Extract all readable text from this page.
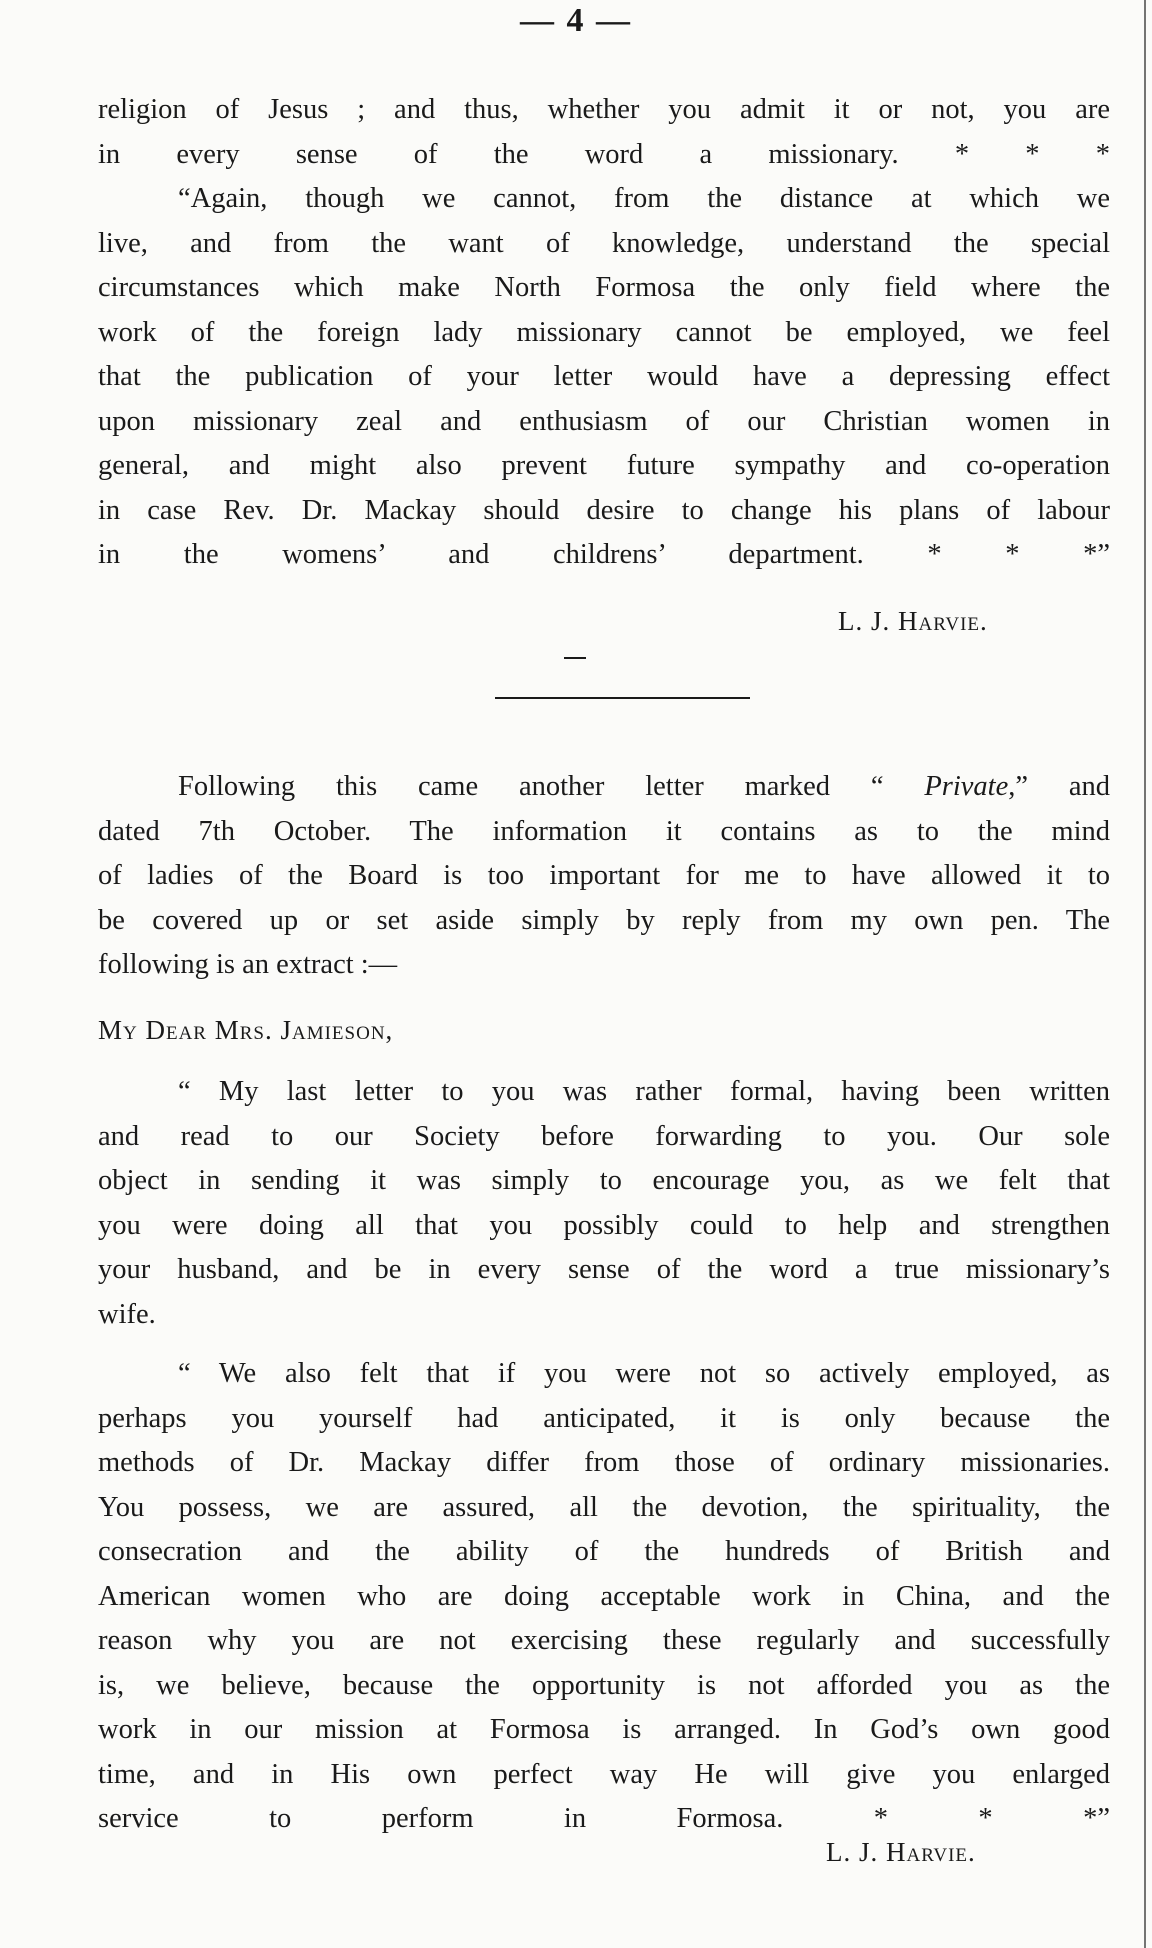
— 4 —
religion of Jesus ; and thus, whether you admit it or not, you are
in every sense of the word a missionary. * * *
“Again, though we cannot, from the distance at which we
live, and from the want of knowledge, understand the special
circumstances which make North Formosa the only field where the
work of the foreign lady missionary cannot be employed, we feel
that the publication of your letter would have a depressing effect
upon missionary zeal and enthusiasm of our Christian women in
general, and might also prevent future sympathy and co-operation
in case Rev. Dr. Mackay should desire to change his plans of labour
in the womens’ and childrens’ department. * * *”
L. J. Harvie.
Following this came another letter marked “ Private,” and
dated 7th October. The information it contains as to the mind
of ladies of the Board is too important for me to have allowed it to
be covered up or set aside simply by reply from my own pen. The
following is an extract :—
My Dear Mrs. Jamieson,
“ My last letter to you was rather formal, having been written
and read to our Society before forwarding to you. Our sole
object in sending it was simply to encourage you, as we felt that
you were doing all that you possibly could to help and strengthen
your husband, and be in every sense of the word a true missionary’s
wife.
“ We also felt that if you were not so actively employed, as
perhaps you yourself had anticipated, it is only because the
methods of Dr. Mackay differ from those of ordinary missionaries.
You possess, we are assured, all the devotion, the spirituality, the
consecration and the ability of the hundreds of British and
American women who are doing acceptable work in China, and the
reason why you are not exercising these regularly and successfully
is, we believe, because the opportunity is not afforded you as the
work in our mission at Formosa is arranged. In God’s own good
time, and in His own perfect way He will give you enlarged
service to perform in Formosa. * * *”
L. J. Harvie.
